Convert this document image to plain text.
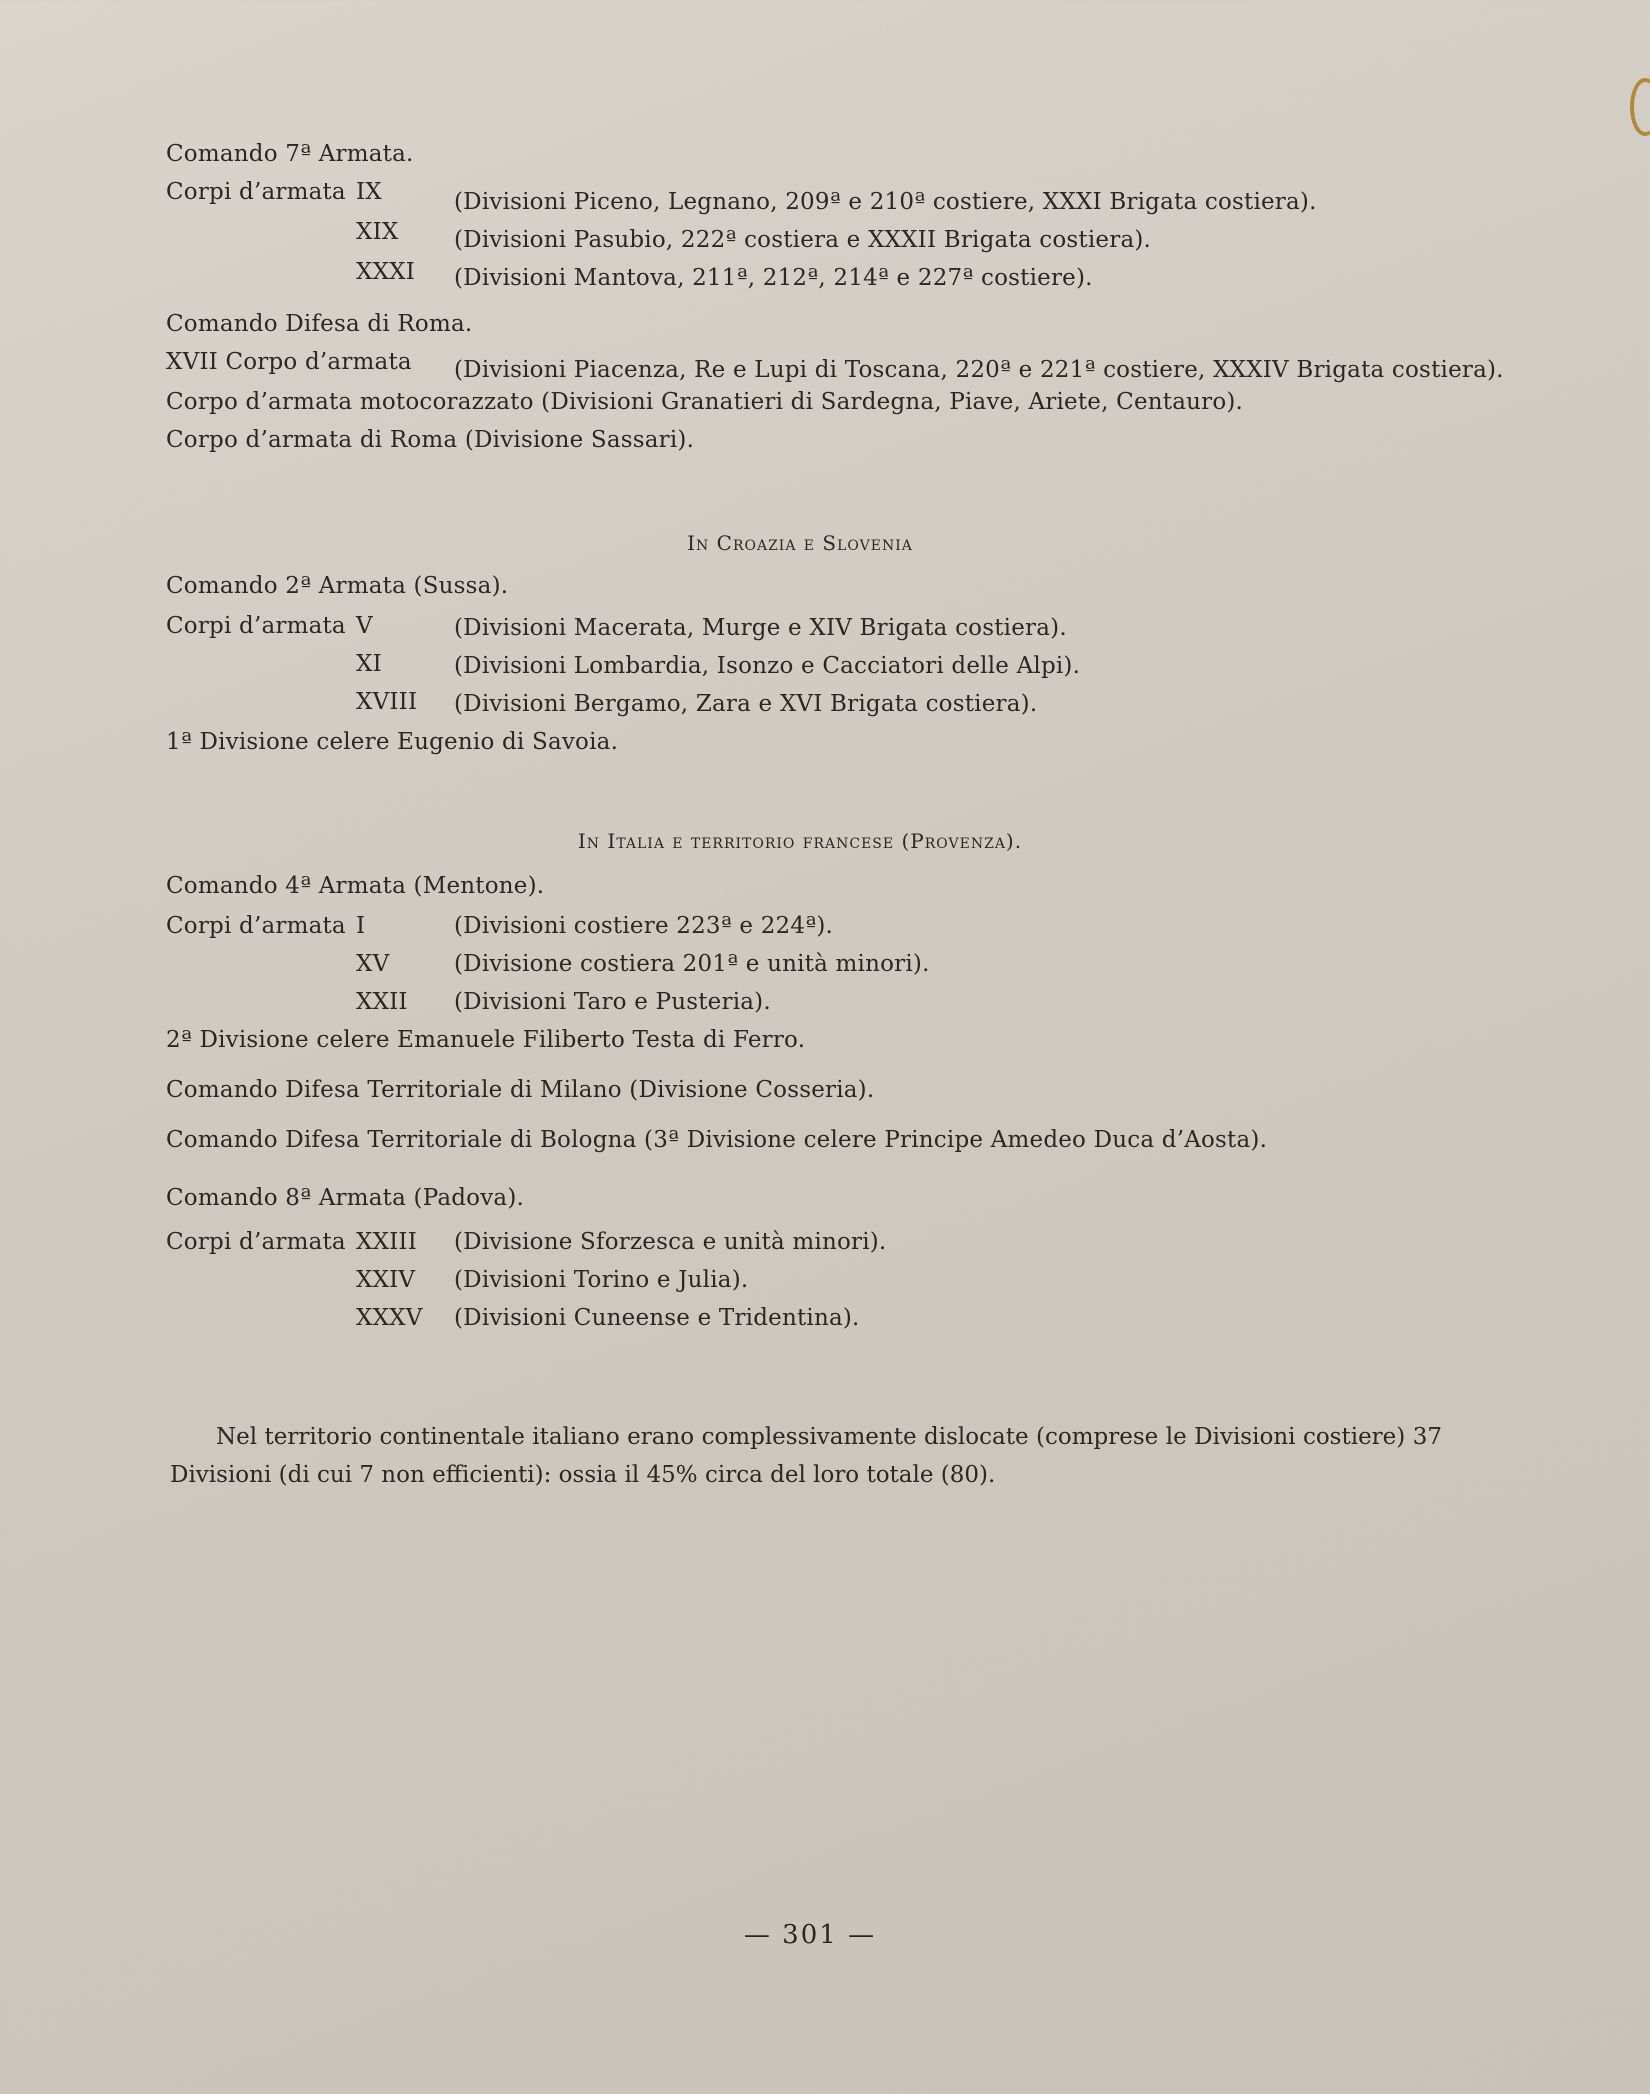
Comando 7ª Armata.
Corpi d’armata IX	(Divisioni Piceno, Legnano, 209ª e 210ª costiere, XXXI Brigata costiera).
XIX (Divisioni Pasubio, 222ª costiera e XXXII Brigata costiera).
XXXI (Divisioni Mantova, 211ª, 212ª, 214ª e 227ª costiere).
Comando Difesa di Roma.
XVII Corpo d’armata (Divisioni Piacenza, Re e Lupi di Toscana, 220ª e 221ª costiere, XXXIV Brigata costiera).
Corpo d’armata motocorazzato (Divisioni Granatieri di Sardegna, Piave, Ariete, Centauro).
Corpo d’armata di Roma (Divisione Sassari).
In Croazia e Slovenia
Comando 2ª Armata (Sussa).
Corpi d’armata V	(Divisioni Macerata, Murge e XIV Brigata costiera).
XI	(Divisioni Lombardia, Isonzo e Cacciatori delle Alpi).
XVIII (Divisioni Bergamo, Zara e XVI Brigata costiera).
1ª Divisione celere Eugenio di Savoia.
In Italia e territorio francese (Provenza).
Comando 4ª Armata (Mentone).
Corpi d’armata I	(Divisioni costiere 223ª e 224ª).
XV	(Divisione costiera 201ª e unità minori).
XXII (Divisioni Taro e Pusteria).
2ª Divisione celere Emanuele Filiberto Testa di Ferro.
Comando Difesa Territoriale di Milano (Divisione Cosseria).
Comando Difesa Territoriale di Bologna (3ª Divisione celere Principe Amedeo Duca d’Aosta).
Comando 8ª Armata (Padova).
Corpi d’armata XXIII (Divisione Sforzesca e unità minori).
XXIV (Divisioni Torino e Julia).
XXXV (Divisioni Cuneense e Tridentina).
Nel territorio continentale italiano erano complessivamente dislocate (comprese le Divisioni costiere) 37 Divisioni (di cui 7 non efficienti): ossia il 45% circa del loro totale (80).
— 301 —
